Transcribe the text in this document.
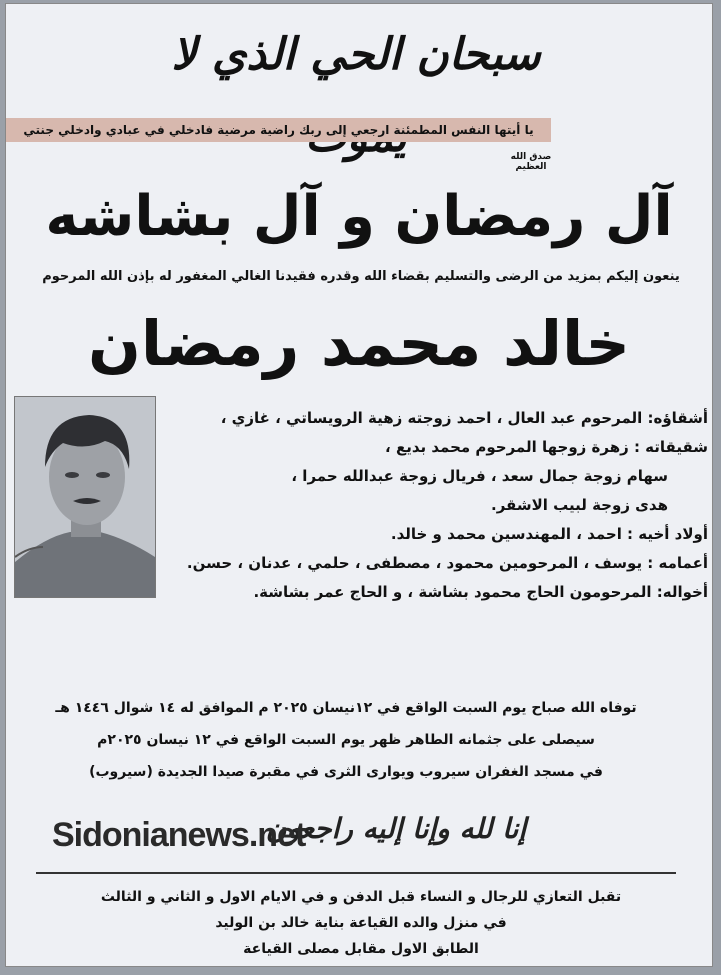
سبحان الحي الذي لا
يا أيتها النفس المطمئنة ارجعي إلى ربك راضية مرضية فادخلي في عبادي وادخلي جنتي
صدق الله العظيم
آل رمضان و آل بشاشه
ينعون إليكم بمزيد من الرضى والتسليم بقضاء الله وقدره فقيدنا الغالي المغفور له بإذن الله المرحوم
خالد محمد رمضان
أشقاؤه: المرحوم عبد العال ، احمد زوجته زهية الرويساتي ، غازي ،
شقيقاته : زهرة زوجها المرحوم محمد بديع ،
سهام زوجة جمال سعد ، فريال زوجة عبدالله حمرا ،
هدى زوجة لبيب الاشقر.
أولاد أخيه : احمد ، المهندسين محمد و خالد.
أعمامه : يوسف ، المرحومين محمود ، مصطفى ، حلمي ، عدنان ، حسن.
أخواله: المرحومون الحاج محمود بشاشة ، و الحاج عمر بشاشة.
توفاه الله صباح يوم السبت الواقع في ١٢نيسان ٢٠٢٥ م الموافق له ١٤ شوال ١٤٤٦ هـ
سيصلى على جثمانه الطاهر ظهر يوم السبت الواقع في ١٢ نيسان ٢٠٢٥م
في مسجد الغفران سيروب ويوارى الثرى في مقبرة صيدا الجديدة (سيروب)
إنا لله وإنا إليه راجعون
Sidonianews.net
تقبل التعازي للرجال و النساء قبل الدفن و في الايام الاول و الثاني و الثالث
في منزل والده القياعة بناية خالد بن الوليد
الطابق الاول مقابل مصلى القياعة
